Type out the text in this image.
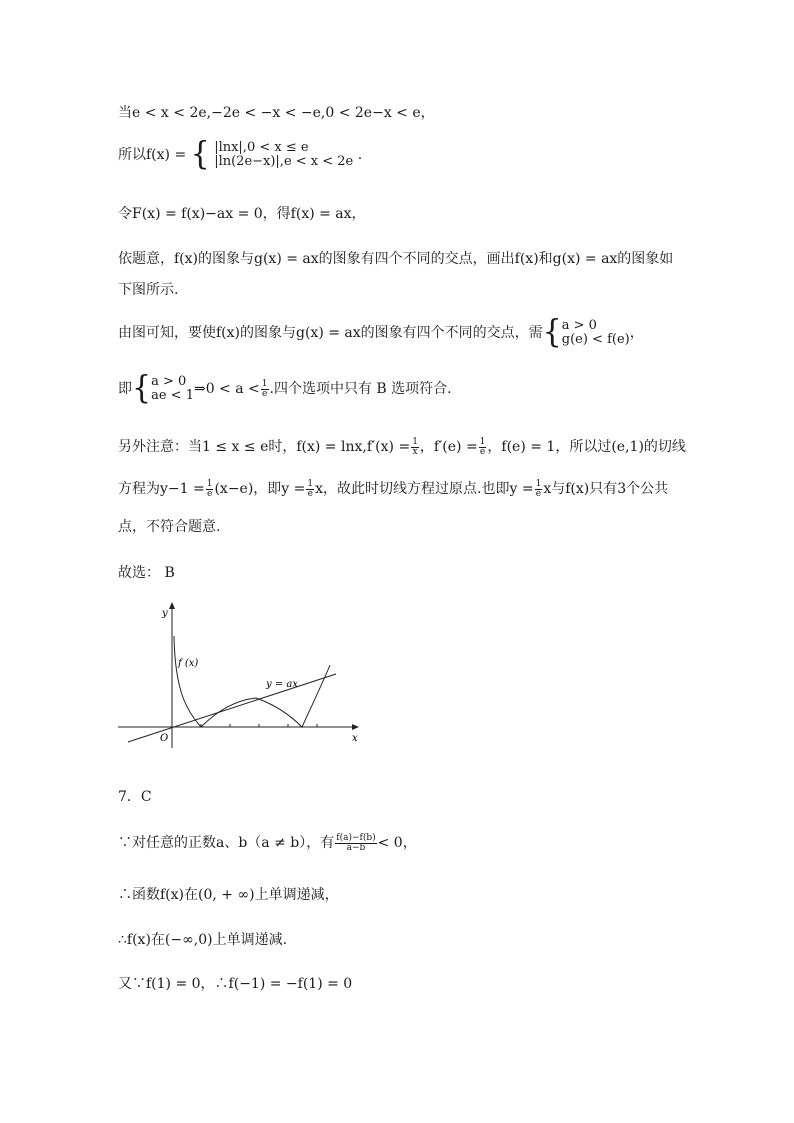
当e < x < 2e,−2e < −x < −e,0 < 2e−x < e，
所以f(x) = { |lnx|,0 < x ≤ e
|ln(2e−x)|,e < x < 2e .
令F(x) = f(x)−ax = 0，得f(x) = ax，
依题意，f(x)的图象与g(x) = ax的图象有四个不同的交点，画出f(x)和g(x) = ax的图象如
下图所示.
由图可知，要使f(x)的图象与g(x) = ax的图象有四个不同的交点，需{ a > 0
g(e) < f(e) ，
即{ a > 0
ae < 1 ⇒0 < $a < \frac{1}{e}$ .四个选项中只有 B 选项符合.
另外注意：当1 ≤ x ≤ e时，$f(x) = \ln x,f'(x) = \frac{1}{x}$ ，$f'(e) = \frac{1}{e}$ ，f(e) = 1，所以过(e,1)的切线
方程为$y-1 = \frac{1}{e} (x-e)$，即$y = \frac{1}{e}$ x，故此时切线方程过原点.也即$y = \frac{1}{e}$ x与f(x)只有3个公共
点，不符合题意.
故选： B
y
x
O
f (x)
y = ax
7．C
∵对任意的正数a、b（a ≠ b），有 $\frac{f(a)-f(b)}{a-b} < 0$，
∴函数f(x)在(0, + ∞)上单调递减，
∴f(x)在(−∞,0)上单调递减.
又∵f(1) = 0，∴f(−1) = −f(1) = 0
